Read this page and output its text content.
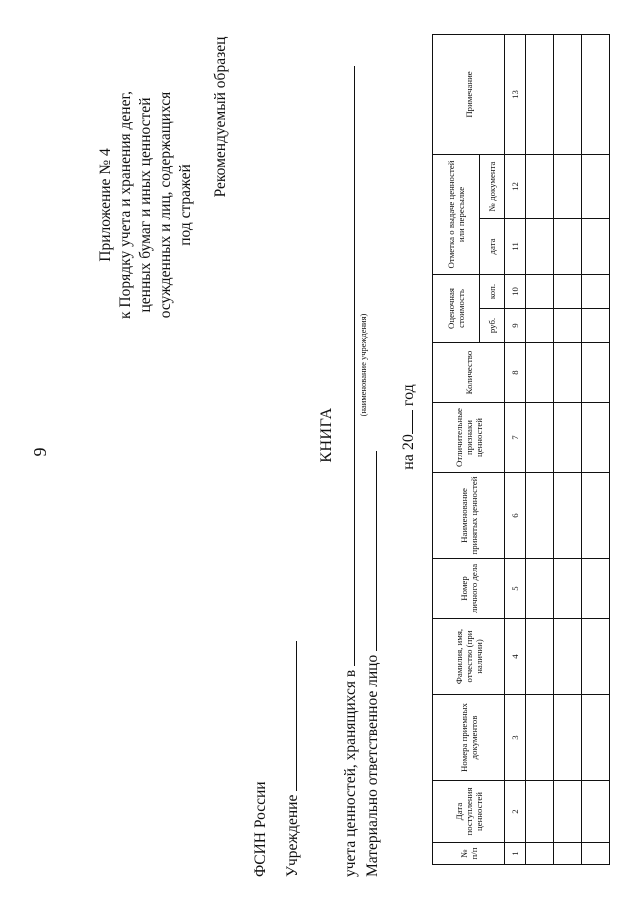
9
Приложение № 4 к Порядку учета и хранения денег, ценных бумаг и иных ценностей осужденных и лиц, содержащихся под стражей
Рекомендуемый образец
ФСИН России Учреждение
КНИГА
учета ценностей, хранящихся в
(наименование учреждения)
Материально ответственное лицо
на 20 год
№ п/п	Дата поступления ценностей	Номера приемных документов	Фамилия, имя, отчество (при наличии)	Номер личного дела	Наименование принятых ценностей	Отличительные признаки ценностей	Количество	Оценочная стоимость		Отметка о выдаче ценностей или пересылке		Примечание
								руб.	коп.	дата	№ документа	
1	2	3	4	5	6	7	8	9	10	11	12	13
